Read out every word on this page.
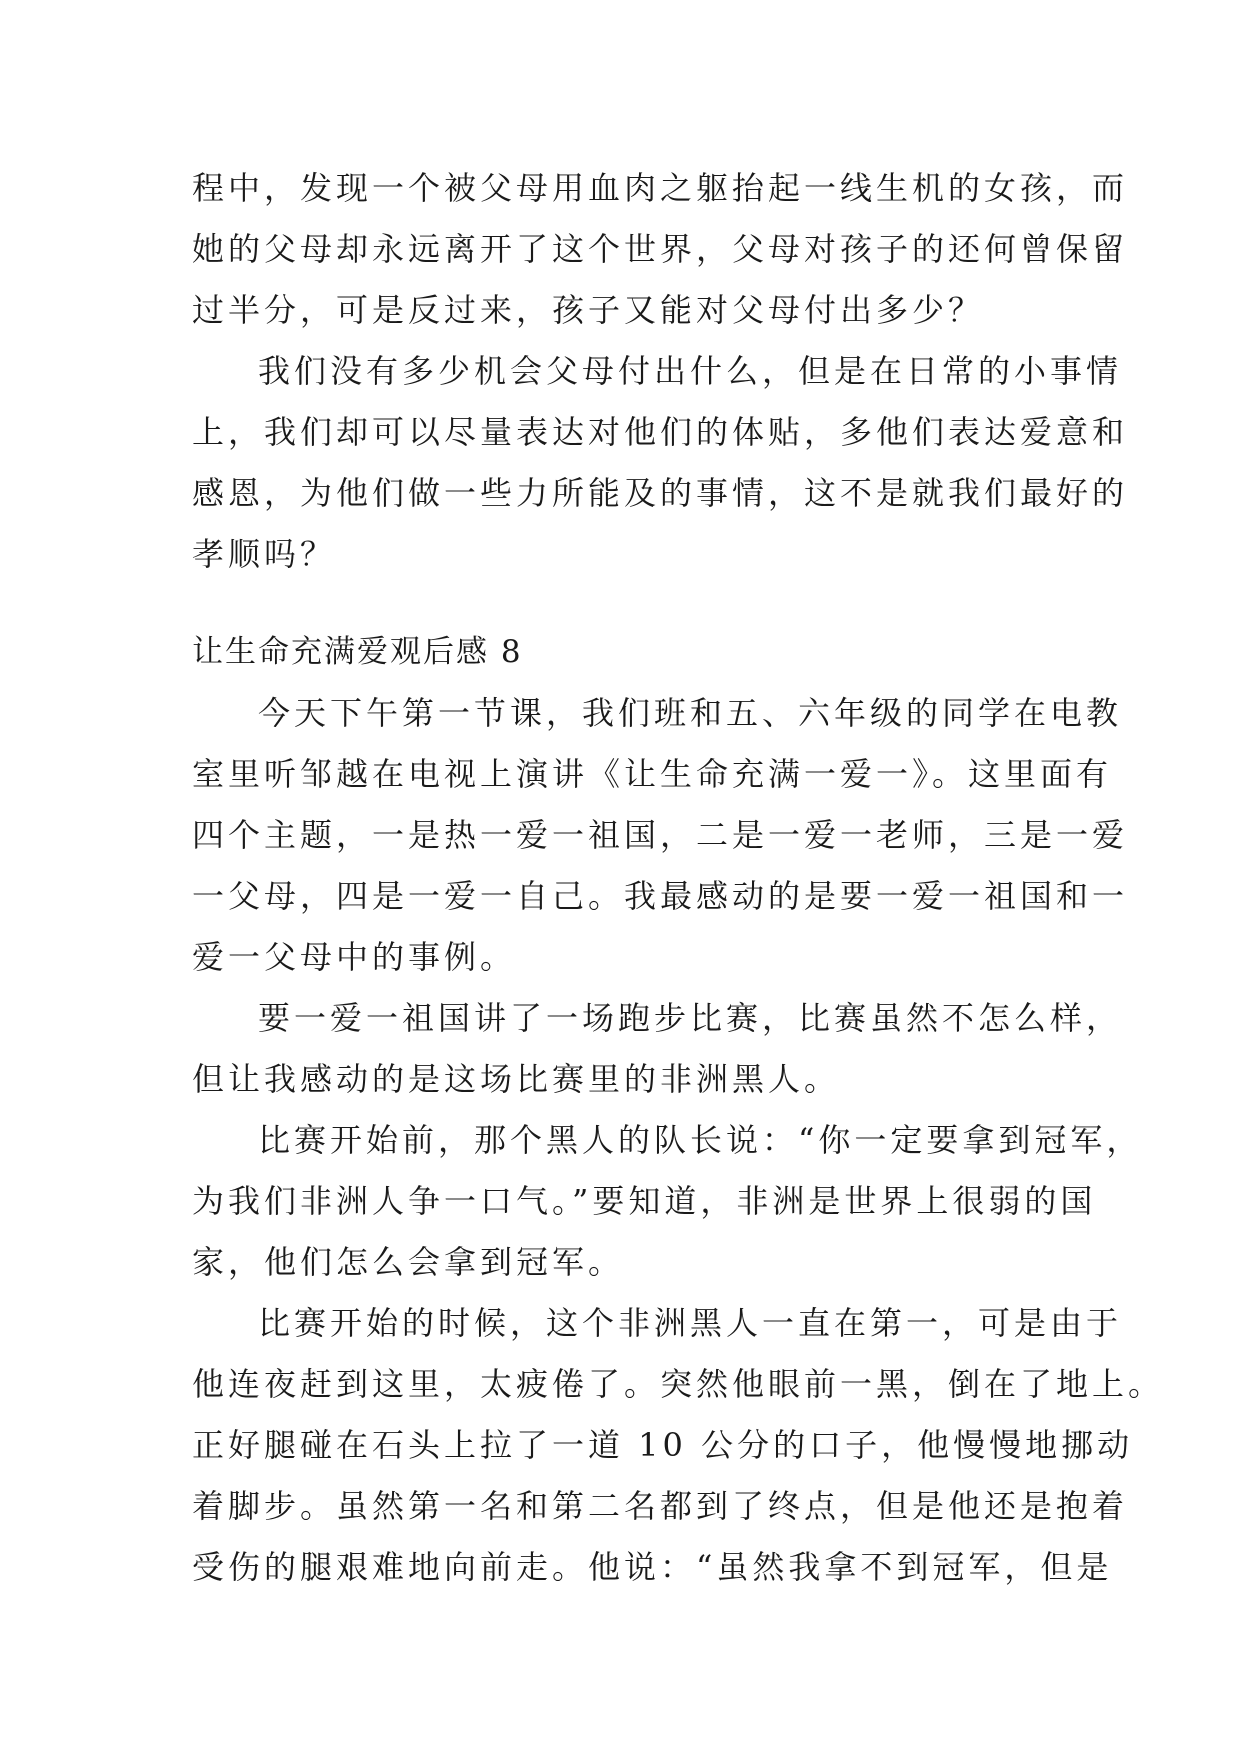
程中，发现一个被父母用血肉之躯抬起一线生机的女孩，而
她的父母却永远离开了这个世界，父母对孩子的还何曾保留
过半分，可是反过来，孩子又能对父母付出多少？

我们没有多少机会父母付出什么，但是在日常的小事情
上，我们却可以尽量表达对他们的体贴，多他们表达爱意和
感恩，为他们做一些力所能及的事情，这不是就我们最好的
孝顺吗？

让生命充满爱观后感 8

今天下午第一节课，我们班和五、六年级的同学在电教
室里听邹越在电视上演讲《让生命充满一爱一》。这里面有
四个主题，一是热一爱一祖国，二是一爱一老师，三是一爱
一父母，四是一爱一自己。我最感动的是要一爱一祖国和一
爱一父母中的事例。

要一爱一祖国讲了一场跑步比赛，比赛虽然不怎么样，
但让我感动的是这场比赛里的非洲黑人。

比赛开始前，那个黑人的队长说：“你一定要拿到冠军，
为我们非洲人争一口气。”要知道，非洲是世界上很弱的国
家，他们怎么会拿到冠军。

比赛开始的时候，这个非洲黑人一直在第一，可是由于
他连夜赶到这里，太疲倦了。突然他眼前一黑，倒在了地上。
正好腿碰在石头上拉了一道 10 公分的口子，他慢慢地挪动
着脚步。虽然第一名和第二名都到了终点，但是他还是抱着
受伤的腿艰难地向前走。他说：“虽然我拿不到冠军，但是
